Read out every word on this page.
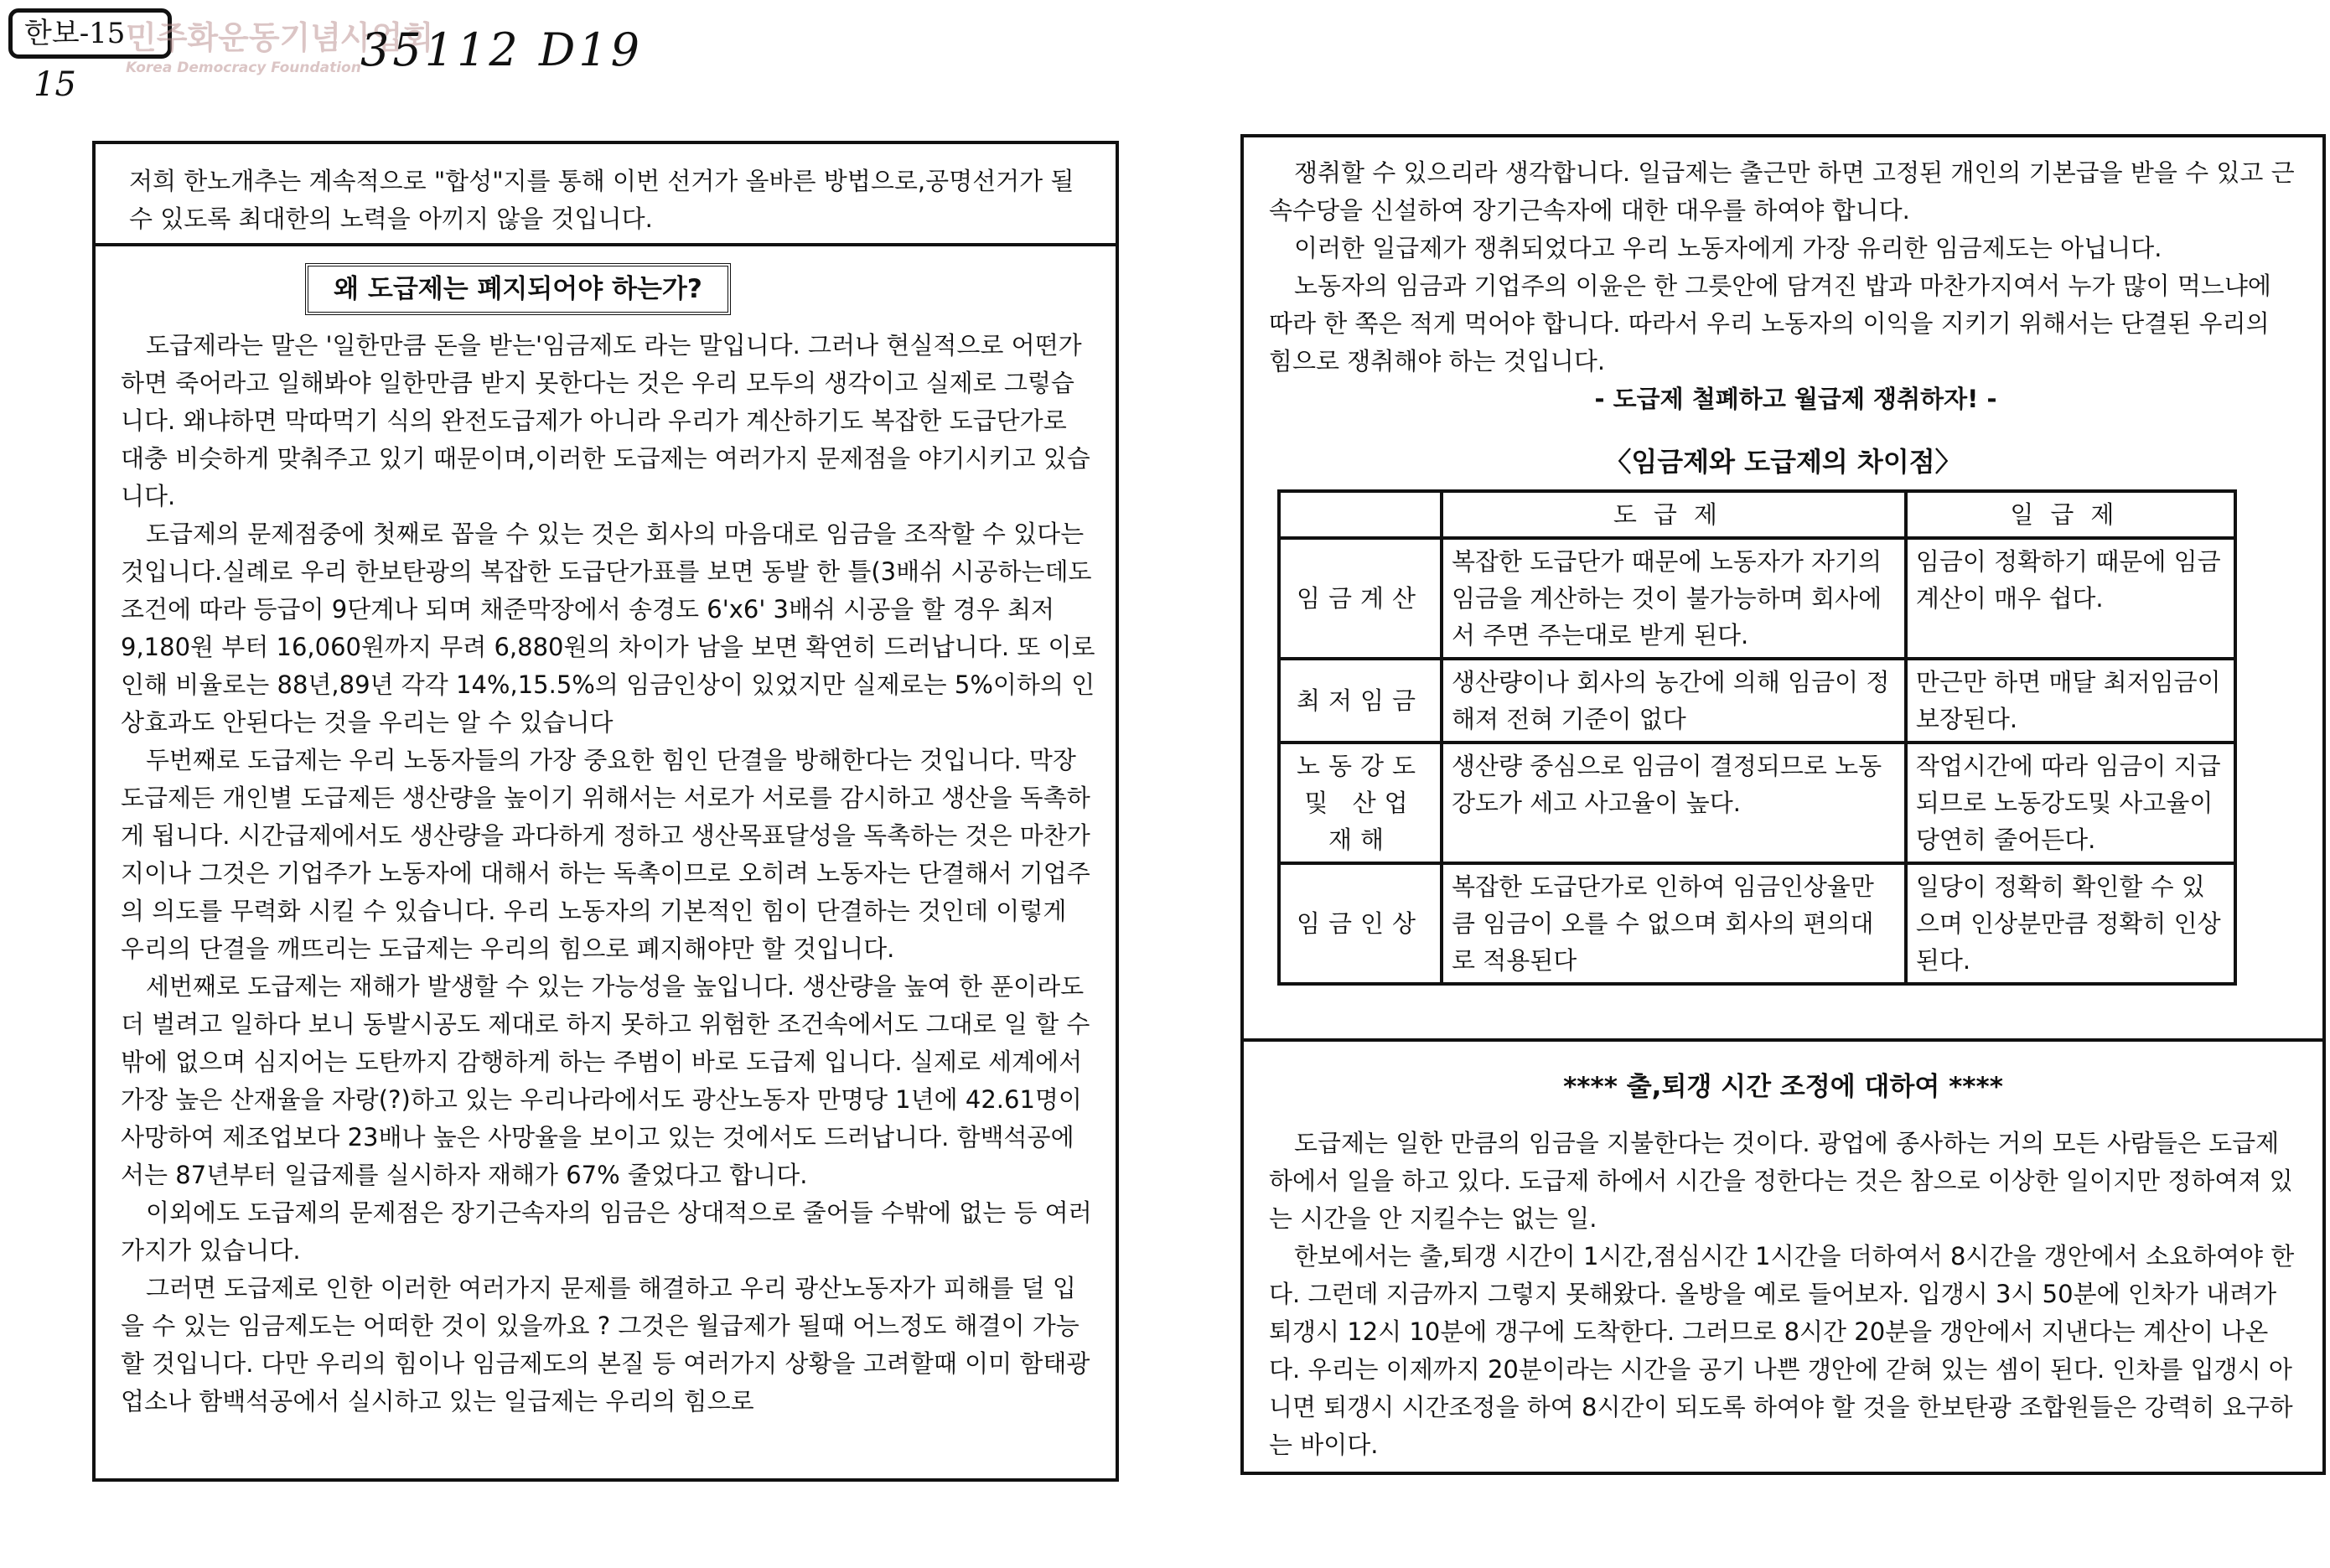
한보-15
15
민주화운동기념사업회
Korea Democracy Foundation 35112 D19
저희 한노개추는 계속적으로 "합성"지를 통해 이번 선거가 올바른 방법으로,공명선거가 될 수 있도록 최대한의 노력을 아끼지 않을 것입니다.
왜 도급제는 폐지되어야 하는가?

도급제라는 말은 '일한만큼 돈을 받는'임금제도 라는 말입니다. 그러나 현실적으로 어떤가 하면 죽어라고 일해봐야 일한만큼 받지 못한다는 것은 우리 모두의 생각이고 실제로 그렇습니다. 왜냐하면 막따먹기 식의 완전도급제가 아니라 우리가 계산하기도 복잡한 도급단가로 대충 비슷하게 맞춰주고 있기 때문이며,이러한 도급제는 여러가지 문제점을 야기시키고 있습니다.

도급제의 문제점중에 첫째로 꼽을 수 있는 것은 회사의 마음대로 임금을 조작할 수 있다는 것입니다.실례로 우리 한보탄광의 복잡한 도급단가표를 보면 동발 한 틀(3배쉬 시공하는데도 조건에 따라 등급이 9단계나 되며 채준막장에서 송경도 6'x6' 3배쉬 시공을 할 경우 최저 9,180원 부터 16,060원까지 무려 6,880원의 차이가 남을 보면 확연히 드러납니다. 또 이로 인해 비율로는 88년,89년 각각 14%,15.5%의 임금인상이 있었지만 실제로는 5%이하의 인상효과도 안된다는 것을 우리는 알 수 있습니다

두번째로 도급제는 우리 노동자들의 가장 중요한 힘인 단결을 방해한다는 것입니다. 막장 도급제든 개인별 도급제든 생산량을 높이기 위해서는 서로가 서로를 감시하고 생산을 독촉하게 됩니다. 시간급제에서도 생산량을 과다하게 정하고 생산목표달성을 독촉하는 것은 마찬가지이나 그것은 기업주가 노동자에 대해서 하는 독촉이므로 오히려 노동자는 단결해서 기업주의 의도를 무력화 시킬 수 있습니다. 우리 노동자의 기본적인 힘이 단결하는 것인데 이렇게 우리의 단결을 깨뜨리는 도급제는 우리의 힘으로 폐지해야만 할 것입니다.

세번째로 도급제는 재해가 발생할 수 있는 가능성을 높입니다. 생산량을 높여 한 푼이라도 더 벌려고 일하다 보니 동발시공도 제대로 하지 못하고 위험한 조건속에서도 그대로 일 할 수밖에 없으며 심지어는 도탄까지 감행하게 하는 주범이 바로 도급제 입니다. 실제로 세계에서 가장 높은 산재율을 자랑(?)하고 있는 우리나라에서도 광산노동자 만명당 1년에 42.61명이 사망하여 제조업보다 23배나 높은 사망율을 보이고 있는 것에서도 드러납니다. 함백석공에서는 87년부터 일급제를 실시하자 재해가 67% 줄었다고 합니다.

이외에도 도급제의 문제점은 장기근속자의 임금은 상대적으로 줄어들 수밖에 없는 등 여러가지가 있습니다.

그러면 도급제로 인한 이러한 여러가지 문제를 해결하고 우리 광산노동자가 피해를 덜 입을 수 있는 임금제도는 어떠한 것이 있을까요 ? 그것은 월급제가 될때 어느정도 해결이 가능할 것입니다. 다만 우리의 힘이나 임금제도의 본질 등 여러가지 상황을 고려할때 이미 함태광업소나 함백석공에서 실시하고 있는 일급제는 우리의 힘으로

쟁취할 수 있으리라 생각합니다. 일급제는 출근만 하면 고정된 개인의 기본급을 받을 수 있고 근속수당을 신설하여 장기근속자에 대한 대우를 하여야 합니다.

이러한 일급제가 쟁취되었다고 우리 노동자에게 가장 유리한 임금제도는 아닙니다.

노동자의 임금과 기업주의 이윤은 한 그릇안에 담겨진 밥과 마찬가지여서 누가 많이 먹느냐에 따라 한 쪽은 적게 먹어야 합니다. 따라서 우리 노동자의 이익을 지키기 위해서는 단결된 우리의 힘으로 쟁취해야 하는 것입니다.

- 도급제 철폐하고 월급제 쟁취하자! -

〈임금제와 도급제의 차이점〉
	도급제	일급제
임금계산	복잡한 도급단가 때문에 노동자가 자기의 임금을 계산하는 것이 불가능하며 회사에서 주면 주는대로 받게 된다.	임금이 정확하기 때문에 임금계산이 매우 쉽다.
최저임금	생산량이나 회사의 농간에 의해 임금이 정해져 전혀 기준이 없다	만근만 하면 매달 최저임금이 보장된다.
노동강도 및 산업재해	생산량 중심으로 임금이 결정되므로 노동강도가 세고 사고율이 높다.	작업시간에 따라 임금이 지급되므로 노동강도및 사고율이 당연히 줄어든다.
임금인상	복잡한 도급단가로 인하여 임금인상율만큼 임금이 오를 수 없으며 회사의 편의대로 적용된다	일당이 정확히 확인할 수 있으며 인상분만큼 정확히 인상된다.
**** 출,퇴갱 시간 조정에 대하여 ****

도급제는 일한 만큼의 임금을 지불한다는 것이다. 광업에 종사하는 거의 모든 사람들은 도급제 하에서 일을 하고 있다. 도급제 하에서 시간을 정한다는 것은 참으로 이상한 일이지만 정하여져 있는 시간을 안 지킬수는 없는 일.

한보에서는 출,퇴갱 시간이 1시간,점심시간 1시간을 더하여서 8시간을 갱안에서 소요하여야 한다. 그런데 지금까지 그렇지 못해왔다. 올방을 예로 들어보자. 입갱시 3시 50분에 인차가 내려가 퇴갱시 12시 10분에 갱구에 도착한다. 그러므로 8시간 20분을 갱안에서 지낸다는 계산이 나온다. 우리는 이제까지 20분이라는 시간을 공기 나쁜 갱안에 갇혀 있는 셈이 된다. 인차를 입갱시 아니면 퇴갱시 시간조정을 하여 8시간이 되도록 하여야 할 것을 한보탄광 조합원들은 강력히 요구하는 바이다.
